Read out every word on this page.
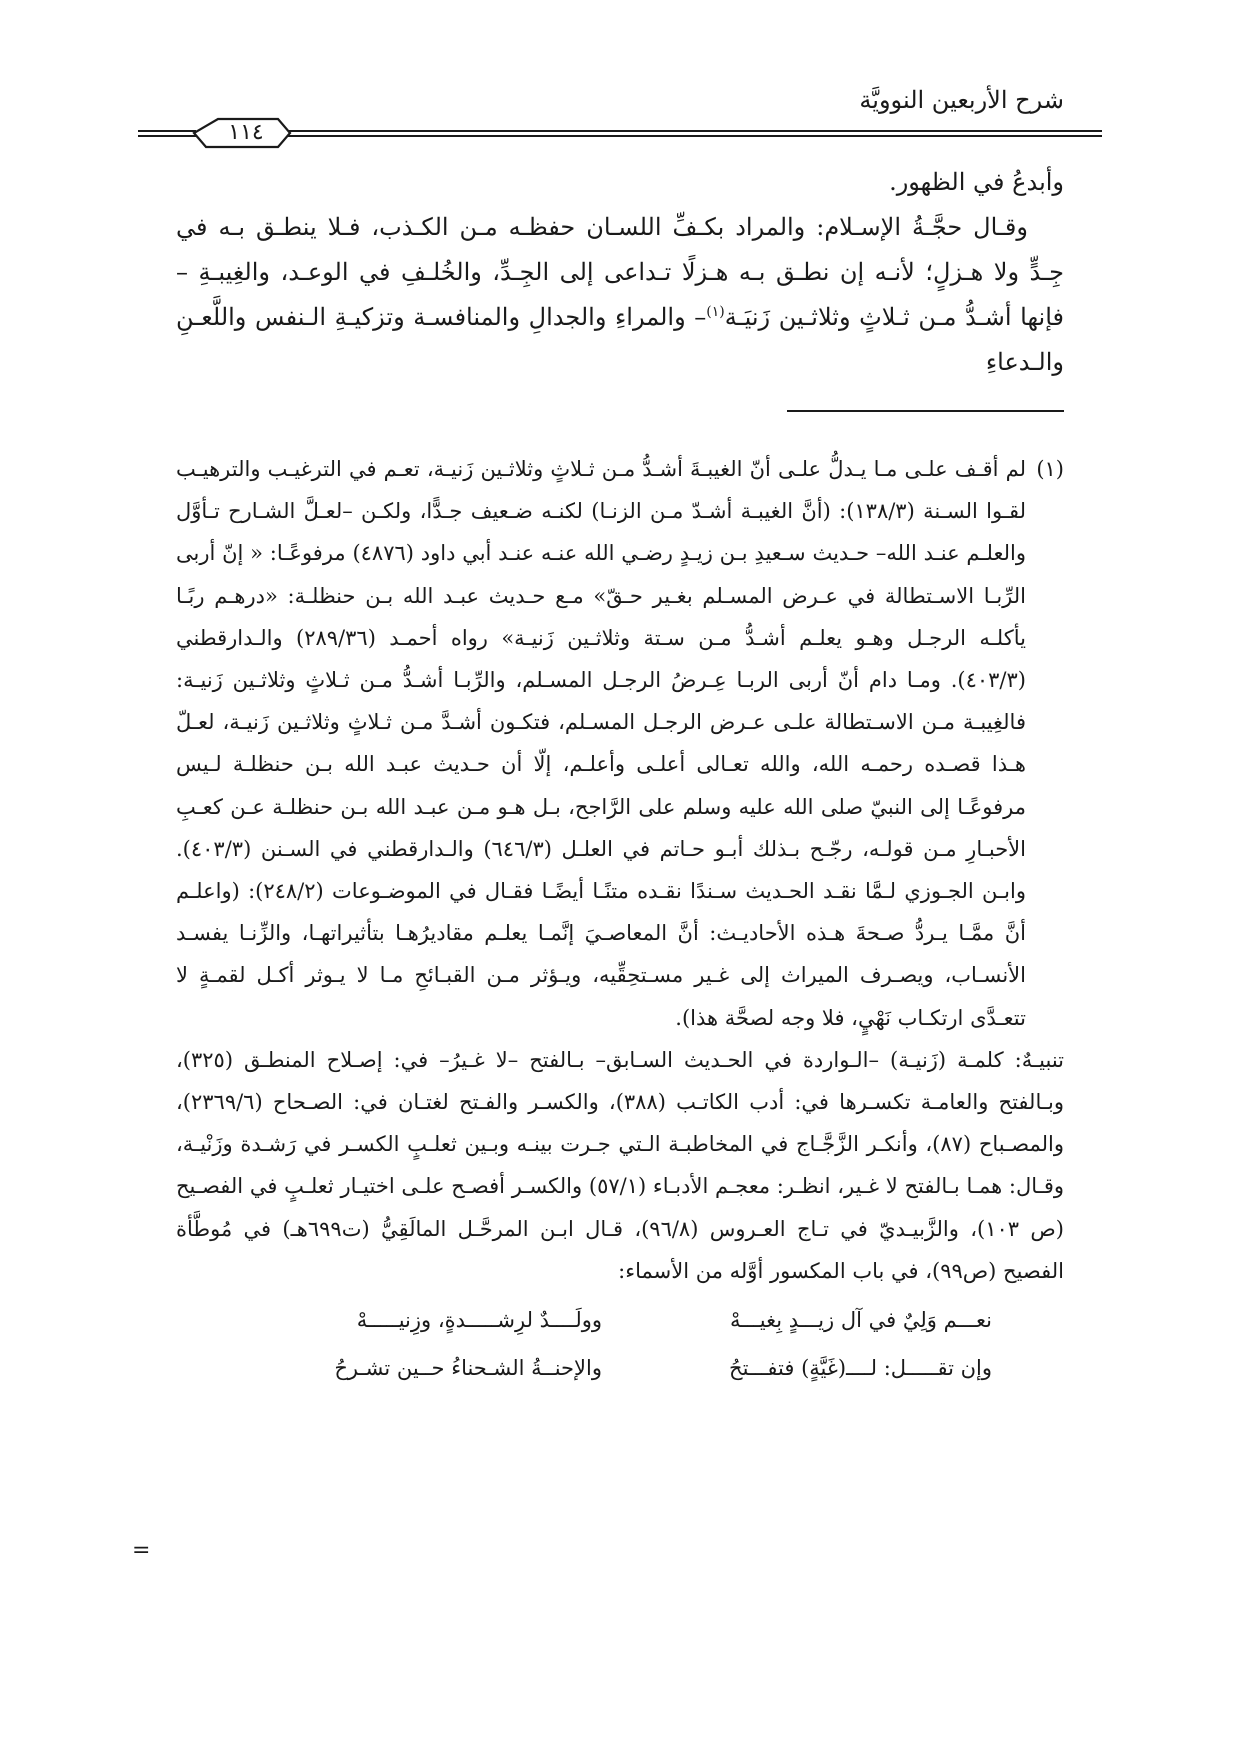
شرح الأربعين النوويَّة
١١٤

وأبدعُ في الظهور.

وقـال حجَّـةُ الإسـلام: والمراد بكـفِّ اللسـان حفظـه مـن الكـذب، فـلا ينطـق بـه في جِـدٍّ ولا هـزلٍ؛ لأنـه إن نطـق بـه هـزلًا تـداعى إلى الجِـدِّ، والخُلـفِ في الوعـد، والغِيبـةِ –فإنها أشـدُّ مـن ثـلاثٍ وثلاثـين زَنيَـة$^{(١)}$– والمراءِ والجدالِ والمنافسـة وتزكيـةِ الـنفس واللَّعـنِ والـدعاءِ

(١)
لم أقـف علـى مـا يـدلُّ علـى أنّ الغيبـةَ أشـدُّ مـن ثـلاثٍ وثلاثـين زَنيـة، تعـم في الترغيـب والترهيـب لقـوا السـنة (١٣٨/٣): (أنَّ الغيبـة أشـدّ مـن الزنـا) لكنـه ضـعيف جـدًّا، ولكـن –لعـلَّ الشـارح تـأوَّل والعلـم عنـد الله– حـديث سـعيدِ بـن زيـدٍ رضـي الله عنـه عنـد أبي داود (٤٨٧٦) مرفوعًـا: « إنّ أربى الرِّبـا الاسـتطالة في عـرض المسـلم بغـير حـقّ» مـع حـديث عبـد الله بـن حنظلـة: «درهـم ربًـا يأكلـه الرجـل وهـو يعلـم أشـدُّ مـن سـتة وثلاثـين زَنيـة» رواه أحمـد (٢٨٩/٣٦) والـدارقطني (٤٠٣/٣). ومـا دام أنّ أربى الربـا عِـرضُ الرجـل المسـلم، والرِّبـا أشـدُّ مـن ثـلاثٍ وثلاثـين زَنيـة: فالغِيبـة مـن الاسـتطالة علـى عـرض الرجـل المسـلم، فتكـون أشـدَّ مـن ثـلاثٍ وثلاثـين زَنيـة، لعـلّ هـذا قصـده رحمـه الله، والله تعـالى أعلـى وأعلـم، إلّا أن حـديث عبـد الله بـن حنظلـة لـيس مرفوعًـا إلى النبيّ صلى الله عليه وسلم على الرَّاجح، بـل هـو مـن عبـد الله بـن حنظلـة عـن كعـبِ الأحبـارِ مـن قولـه، رجّـح بـذلك أبـو حـاتم في العلـل (٦٤٦/٣) والـدارقطني في السـنن (٤٠٣/٣). وابـن الجـوزي لـمَّا نقـد الحـديث سـندًا نقـده متنًـا أيضًـا فقـال في الموضـوعات (٢٤٨/٢): (واعلـم أنَّ ممَّـا يـردُّ صـحةَ هـذه الأحاديـث: أنَّ المعاصـيَ إنَّمـا يعلـم مقاديرُهـا بتأثيراتهـا، والزِّنـا يفسـد الأنسـاب، ويصـرف الميراث إلى غـير مسـتحِقِّيه، ويـؤثر مـن القبـائحِ مـا لا يـوثر أكـل لقمـةٍ لا تتعـدَّى ارتكـاب نَهْيٍ، فلا وجه لصحَّة هذا).

تنبيـهٌ: كلمـة (زَنيـة) –الـواردة في الحـديث السـابق– بـالفتح –لا غـيرُ– في: إصـلاح المنطـق (٣٢٥)، وبـالفتح والعامـة تكسـرها في: أدب الكاتـب (٣٨٨)، والكسـر والفـتح لغتـان في: الصـحاح (٢٣٦٩/٦)، والمصـباح (٨٧)، وأنكـر الزَّجَّـاج في المخاطبـة الـتي جـرت بينـه وبـين ثعلـبٍ الكسـر في رَشـدة وزَنْيـة، وقـال: همـا بـالفتح لا غـير، انظـر: معجـم الأدبـاء (٥٧/١) والكسـر أفصـح علـى اختيـار ثعلـبٍ في الفصـيح (ص ١٠٣)، والزَّبيـديّ في تـاج العـروس (٩٦/٨)، قـال ابـن المرحَّـل المالَقِيُّ (ت٦٩٩هـ) في مُوطَّأة الفصيح (ص٩٩)، في باب المكسور أوَّله من الأسماء:

نعـــم وَلِيٌ في آل زيـــدٍ بِغيـــهْ
وولَــــدٌ لرِشـــــدةٍ، وزِنيـــــهْ
وإن تقـــــل: لــــ(غَيَّةٍ) فتفـــتحُ
والإحنــةُ الشـحناءُ حــين تشـرحُ
=
